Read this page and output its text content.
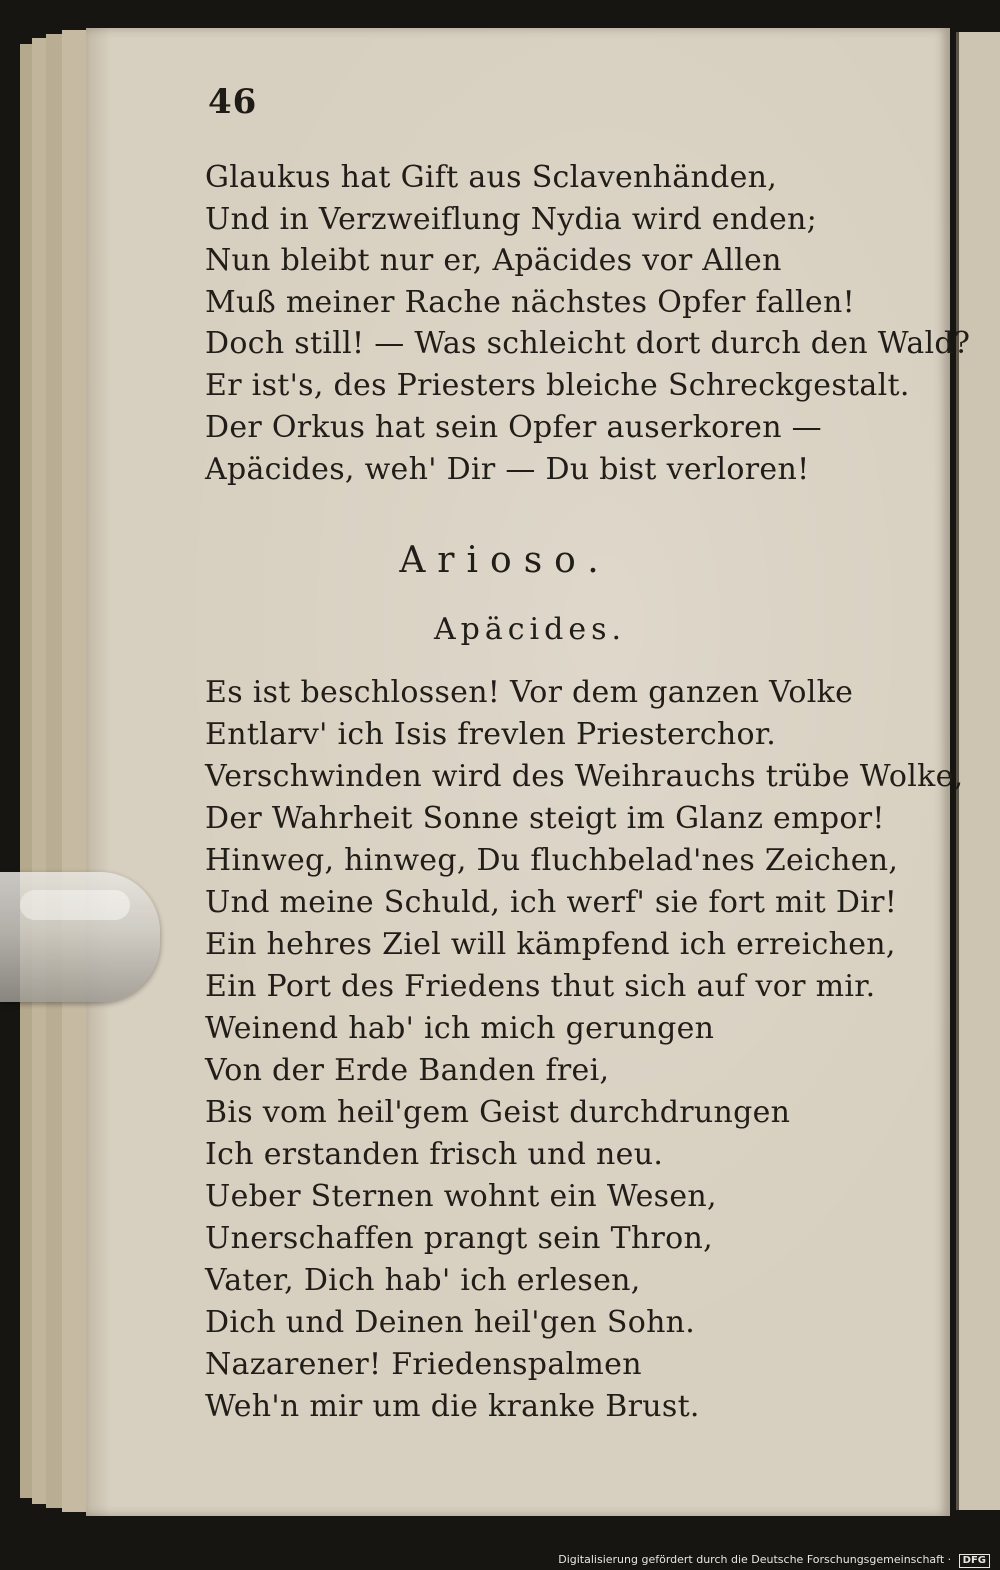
46
Glaukus hat Gift aus Sclavenhänden,
Und in Verzweiflung Nydia wird enden;
Nun bleibt nur er, Apäcides vor Allen
Muß meiner Rache nächstes Opfer fallen!
Doch still! — Was schleicht dort durch den Wald?
Er ist's, des Priesters bleiche Schreckgestalt.
Der Orkus hat sein Opfer auserkoren —
Apäcides, weh' Dir — Du bist verloren!
Arioso.
Apäcides.
Es ist beschlossen! Vor dem ganzen Volke
Entlarv' ich Isis frevlen Priesterchor.
Verschwinden wird des Weihrauchs trübe Wolke,
Der Wahrheit Sonne steigt im Glanz empor!
Hinweg, hinweg, Du fluchbelad'nes Zeichen,
Und meine Schuld, ich werf' sie fort mit Dir!
Ein hehres Ziel will kämpfend ich erreichen,
Ein Port des Friedens thut sich auf vor mir.
Weinend hab' ich mich gerungen
Von der Erde Banden frei,
Bis vom heil'gem Geist durchdrungen
Ich erstanden frisch und neu.
Ueber Sternen wohnt ein Wesen,
Unerschaffen prangt sein Thron,
Vater, Dich hab' ich erlesen,
Dich und Deinen heil'gen Sohn.
Nazarener! Friedenspalmen
Weh'n mir um die kranke Brust.
Digitalisierung gefördert durch die Deutsche Forschungsgemeinschaft · DFG
